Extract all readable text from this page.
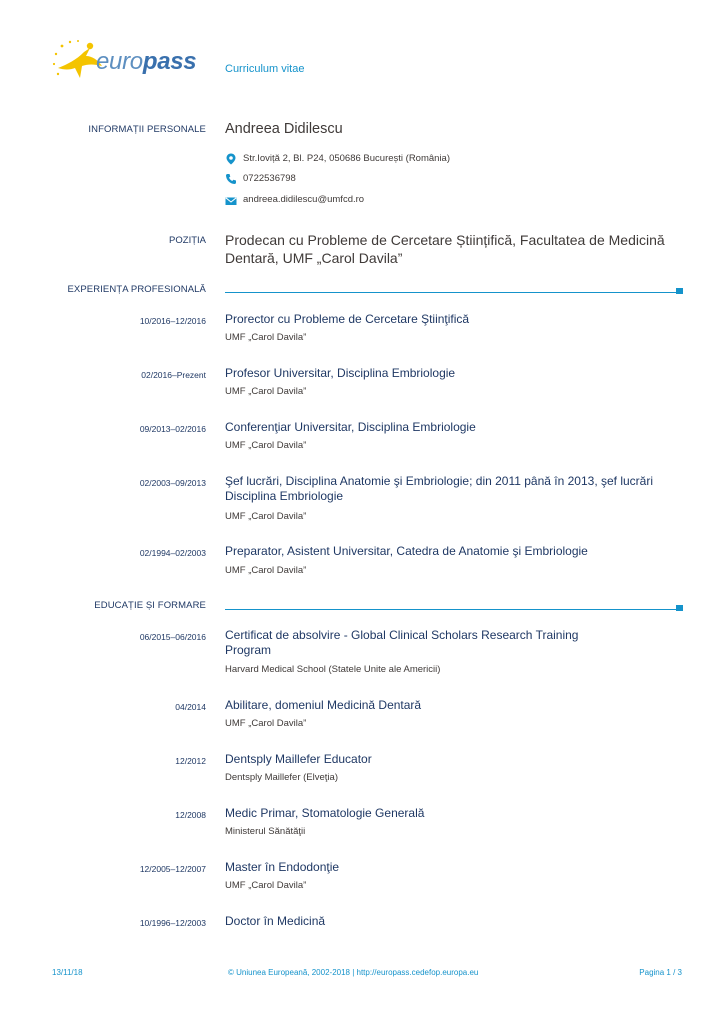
europass	Curriculum vitae
INFORMAȚII PERSONALE Andreea Didilescu
Str.Ioviță 2, Bl. P24, 050686 București (România)
0722536798
andreea.didilescu@umfcd.ro
POZIȚIA Prodecan cu Probleme de Cercetare Științifică, Facultatea de Medicină Dentară, UMF „Carol Davila”
EXPERIENȚA PROFESIONALĂ
10/2016–12/2016 Prorector cu Probleme de Cercetare Ştiinţifică
UMF „Carol Davila”
02/2016–Prezent Profesor Universitar, Disciplina Embriologie
UMF „Carol Davila”
09/2013–02/2016 Conferenţiar Universitar, Disciplina Embriologie
UMF „Carol Davila”
02/2003–09/2013 Şef lucrări, Disciplina Anatomie şi Embriologie; din 2011 până în 2013, şef lucrări Disciplina Embriologie
UMF „Carol Davila”
02/1994–02/2003 Preparator, Asistent Universitar, Catedra de Anatomie şi Embriologie
UMF „Carol Davila”
EDUCAȚIE ȘI FORMARE
06/2015–06/2016 Certificat de absolvire - Global Clinical Scholars Research Training Program
Harvard Medical School (Statele Unite ale Americii)
04/2014 Abilitare, domeniul Medicină Dentară
UMF „Carol Davila”
12/2012 Dentsply Maillefer Educator
Dentsply Maillefer (Elveţia)
12/2008 Medic Primar, Stomatologie Generală
Ministerul Sănătăţii
12/2005–12/2007 Master în Endodonţie
UMF „Carol Davila”
10/1996–12/2003 Doctor în Medicină
13/11/18	© Uniunea Europeană, 2002-2018 | http://europass.cedefop.europa.eu	Pagina 1 / 3
